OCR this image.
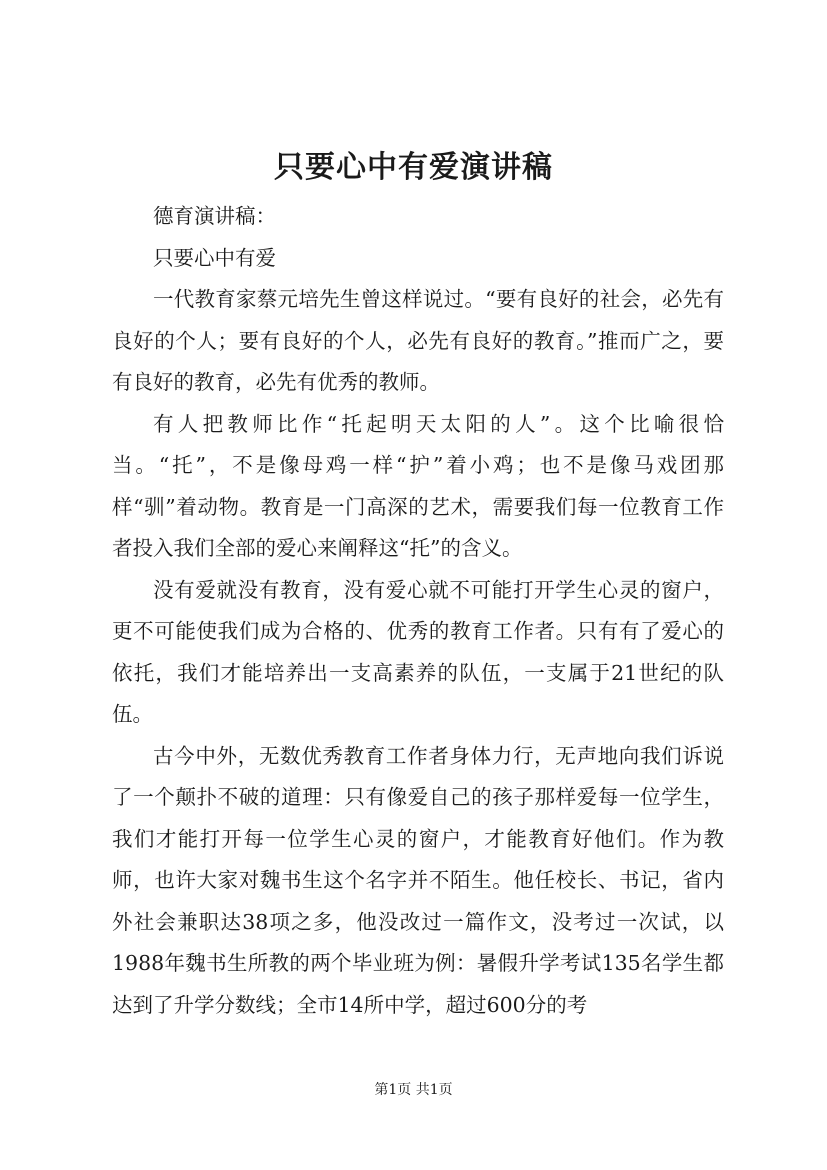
只要心中有爱演讲稿

德育演讲稿：

只要心中有爱

一代教育家蔡元培先生曾这样说过。“要有良好的社会，必先有良好的个人；要有良好的个人，必先有良好的教育。”推而广之，要有良好的教育，必先有优秀的教师。

有人把教师比作“托起明天太阳的人”。这个比喻很恰当。“托”，不是像母鸡一样“护”着小鸡；也不是像马戏团那样“驯”着动物。教育是一门高深的艺术，需要我们每一位教育工作者投入我们全部的爱心来阐释这“托”的含义。

没有爱就没有教育，没有爱心就不可能打开学生心灵的窗户，更不可能使我们成为合格的、优秀的教育工作者。只有有了爱心的依托，我们才能培养出一支高素养的队伍，一支属于21世纪的队伍。

古今中外，无数优秀教育工作者身体力行，无声地向我们诉说了一个颠扑不破的道理：只有像爱自己的孩子那样爱每一位学生，我们才能打开每一位学生心灵的窗户，才能教育好他们。作为教师，也许大家对魏书生这个名字并不陌生。他任校长、书记，省内外社会兼职达38项之多，他没改过一篇作文，没考过一次试，以1988年魏书生所教的两个毕业班为例：暑假升学考试135名学生都达到了升学分数线；全市14所中学，超过600分的考

第1页 共1页
